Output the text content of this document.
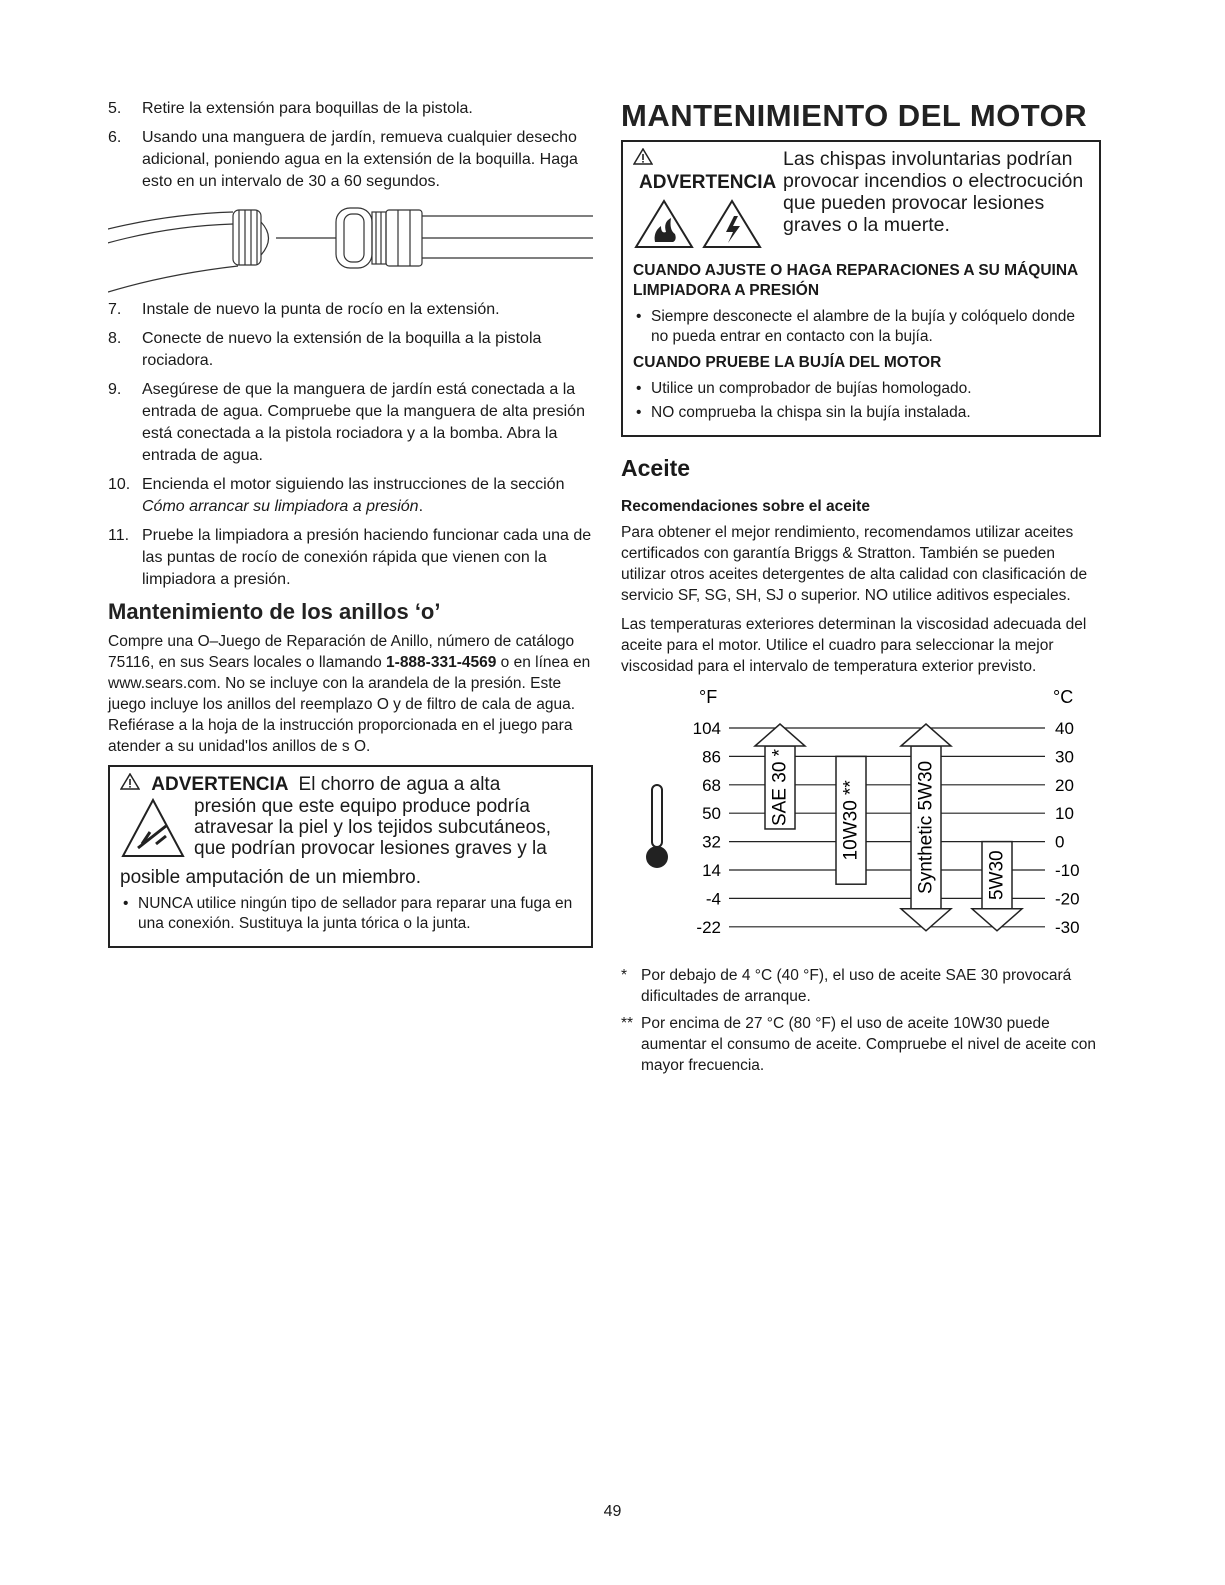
5.	Retire la extensión para boquillas de la pistola.
6.	Usando una manguera de jardín, remueva cualquier desecho adicional, poniendo agua en la extensión de la boquilla. Haga esto en un intervalo de 30 a 60 segundos.
7.	Instale de nuevo la punta de rocío en la extensión.
8.	Conecte de nuevo la extensión de la boquilla a la pistola rociadora.
9.	Asegúrese de que la manguera de jardín está conectada a la entrada de agua. Compruebe que la manguera de alta presión está conectada a la pistola rociadora y a la bomba. Abra la entrada de agua.
10. Encienda el motor siguiendo las instrucciones de la sección Cómo arrancar su limpiadora a presión.
11. Pruebe la limpiadora a presión haciendo funcionar cada una de las puntas de rocío de conexión rápida que vienen con la limpiadora a presión.
Mantenimiento de los anillos ‘o’

Compre una O–Juego de Reparación de Anillo, número de catálogo 75116, en sus Sears locales o llamando 1-888-331-4569 o en línea en www.sears.com. No se incluye con la arandela de la presión. Este juego incluye los anillos del reemplazo O y de filtro de cala de agua. Refiérase a la hoja de la instrucción proporcionada en el juego para atender a su unidad'los anillos de s O.

ADVERTENCIA El chorro de agua a alta
presión que este equipo produce podría atravesar la piel y los tejidos subcutáneos, que podrían provocar lesiones graves y la
posible amputación de un miembro.
• NUNCA utilice ningún tipo de sellador para reparar una fuga en una conexión. Sustituya la junta tórica o la junta.
MANTENIMIENTO DEL MOTOR
ADVERTENCIA
Las chispas involuntarias podrían provocar incendios o electrocución que pueden provocar lesiones graves o la muerte.
CUANDO AJUSTE O HAGA REPARACIONES A SU MÁQUINA LIMPIADORA A PRESIÓN
• Siempre desconecte el alambre de la bujía y colóquelo donde no pueda entrar en contacto con la bujía.
CUANDO PRUEBE LA BUJÍA DEL MOTOR
• Utilice un comprobador de bujías homologado.
• NO comprueba la chispa sin la bujía instalada.
Aceite
Recomendaciones sobre el aceite

Para obtener el mejor rendimiento, recomendamos utilizar aceites certificados con garantía Briggs & Stratton. También se pueden utilizar otros aceites detergentes de alta calidad con clasificación de servicio SF, SG, SH, SJ o superior. NO utilice aditivos especiales.

Las temperaturas exteriores determinan la viscosidad adecuada del aceite para el motor. Utilice el cuadro para seleccionar la mejor viscosidad para el intervalo de temperatura exterior previsto.

°F	°C
104	40
86	30
68	20
50	10
32	0
14	-10
-4	-20
-22	-30
SAE 30 *	10W30 **	Synthetic 5W30	5W30

* Por debajo de 4 °C (40 °F), el uso de aceite SAE 30 provocará dificultades de arranque.

** Por encima de 27 °C (80 °F) el uso de aceite 10W30 puede aumentar el consumo de aceite. Compruebe el nivel de aceite con mayor frecuencia.

49
